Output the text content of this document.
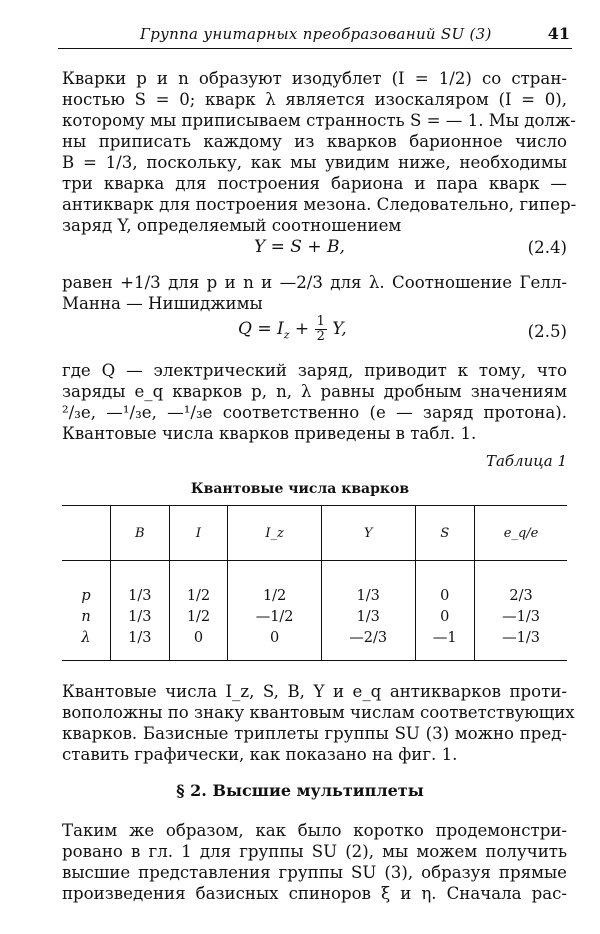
Группа унитарных преобразований SU (3)	41

Кварки p и n образуют изодублет (I = 1/2) со стран-
ностью S = 0; кварк λ является изоскаляром (I = 0),
которому мы приписываем странность S = — 1. Мы долж-
ны приписать каждому из кварков барионное число
B = 1/3, поскольку, как мы увидим ниже, необходимы
три кварка для построения бариона и пара кварк —
антикварк для построения мезона. Следовательно, гипер-
заряд Y, определяемый соотношением

Y = S + B,	(2.4)

равен +1/3 для p и n и —2/3 для λ. Соотношение Гелл-
Манна — Нишиджимы

$Q = I_z + \frac{1}{2} Y$,	(2.5)

где Q — электрический заряд, приводит к тому, что
заряды e_q кварков p, n, λ равны дробным значениям
²/₃e, —¹/₃e, —¹/₃e соответственно (e — заряд протона).
Квантовые числа кварков приведены в табл. 1.

Таблица 1
Квантовые числа кварков
	B	I	I_z	Y	S	e_q/e

p	1/3	1/2	1/2	1/3	0	2/3
n	1/3	1/2	—1/2	1/3	0	—1/3
λ	1/3	0	0	—2/3	—1	—1/3

Квантовые числа I_z, S, B, Y и e_q антикварков проти-
воположны по знаку квантовым числам соответствующих
кварков. Базисные триплеты группы SU (3) можно пред-
ставить графически, как показано на фиг. 1.

§ 2. Высшие мультиплеты

Таким же образом, как было коротко продемонстри-
ровано в гл. 1 для группы SU (2), мы можем получить
высшие представления группы SU (3), образуя прямые
произведения базисных спиноров ξ и η. Сначала рас-
